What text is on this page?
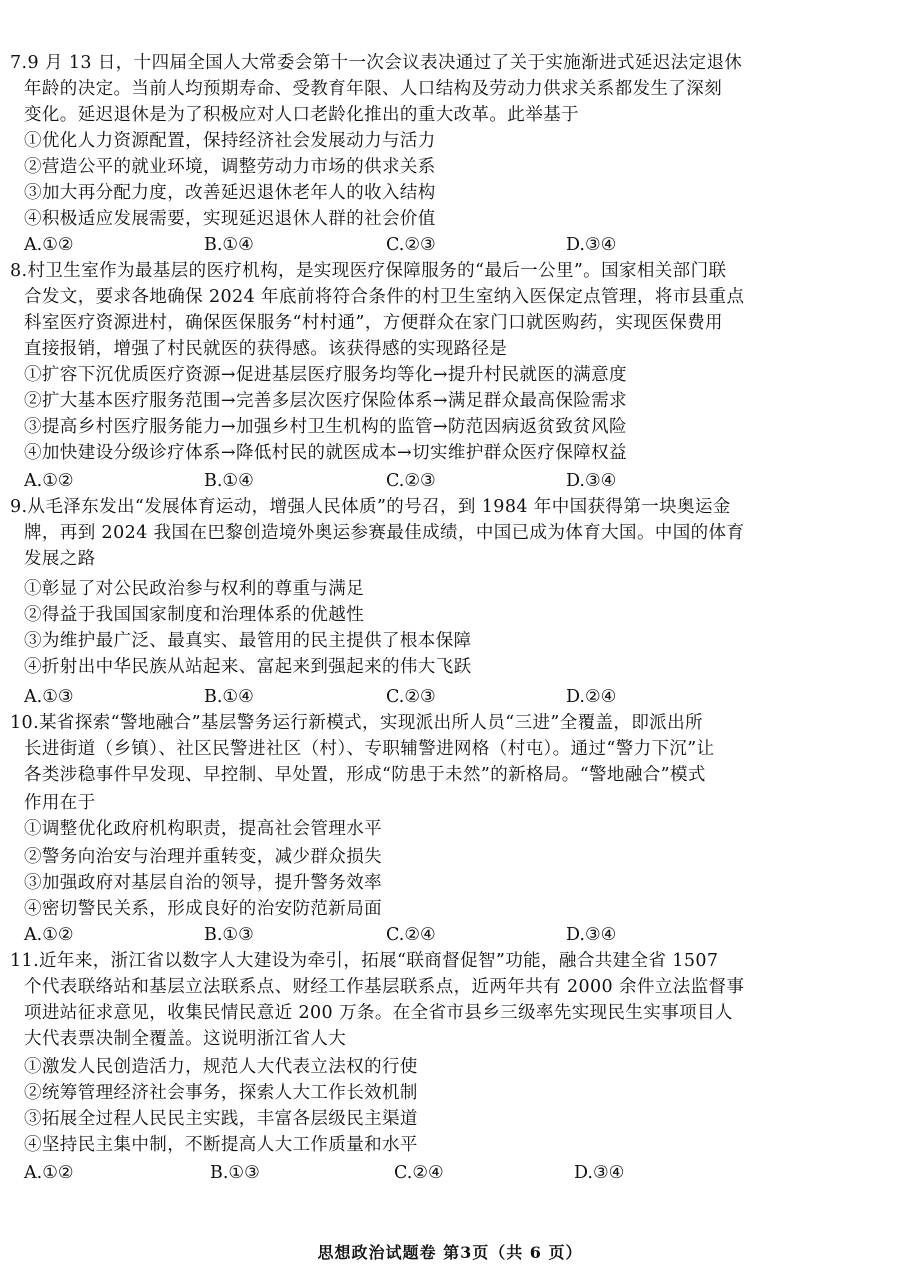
7.9 月 13 日，十四届全国人大常委会第十一次会议表决通过了关于实施渐进式延迟法定退休
年龄的决定。当前人均预期寿命、受教育年限、人口结构及劳动力供求关系都发生了深刻
变化。延迟退休是为了积极应对人口老龄化推出的重大改革。此举基于
①优化人力资源配置，保持经济社会发展动力与活力
②营造公平的就业环境，调整劳动力市场的供求关系
③加大再分配力度，改善延迟退休老年人的收入结构
④积极适应发展需要，实现延迟退休人群的社会价值
A.①②	B.①④	C.②③	D.③④
8.村卫生室作为最基层的医疗机构，是实现医疗保障服务的“最后一公里”。国家相关部门联
合发文，要求各地确保 2024 年底前将符合条件的村卫生室纳入医保定点管理，将市县重点
科室医疗资源进村，确保医保服务“村村通”，方便群众在家门口就医购药，实现医保费用
直接报销，增强了村民就医的获得感。该获得感的实现路径是
①扩容下沉优质医疗资源→促进基层医疗服务均等化→提升村民就医的满意度
②扩大基本医疗服务范围→完善多层次医疗保险体系→满足群众最高保险需求
③提高乡村医疗服务能力→加强乡村卫生机构的监管→防范因病返贫致贫风险
④加快建设分级诊疗体系→降低村民的就医成本→切实维护群众医疗保障权益
A.①②	B.①④	C.②③	D.③④
9.从毛泽东发出“发展体育运动，增强人民体质”的号召，到 1984 年中国获得第一块奥运金
牌，再到 2024 我国在巴黎创造境外奥运参赛最佳成绩，中国已成为体育大国。中国的体育
发展之路
①彰显了对公民政治参与权利的尊重与满足
②得益于我国国家制度和治理体系的优越性
③为维护最广泛、最真实、最管用的民主提供了根本保障
④折射出中华民族从站起来、富起来到强起来的伟大飞跃
A.①③	B.①④	C.②③	D.②④
10.某省探索“警地融合”基层警务运行新模式，实现派出所人员“三进”全覆盖，即派出所
长进街道（乡镇）、社区民警进社区（村）、专职辅警进网格（村屯）。通过“警力下沉”让
各类涉稳事件早发现、早控制、早处置，形成“防患于未然”的新格局。“警地融合”模式
作用在于
①调整优化政府机构职责，提高社会管理水平
②警务向治安与治理并重转变，减少群众损失
③加强政府对基层自治的领导，提升警务效率
④密切警民关系，形成良好的治安防范新局面
A.①②	B.①③	C.②④	D.③④
11.近年来，浙江省以数字人大建设为牵引，拓展“联商督促智”功能，融合共建全省 1507
个代表联络站和基层立法联系点、财经工作基层联系点，近两年共有 2000 余件立法监督事
项进站征求意见，收集民情民意近 200 万条。在全省市县乡三级率先实现民生实事项目人
大代表票决制全覆盖。这说明浙江省人大
①激发人民创造活力，规范人大代表立法权的行使
②统筹管理经济社会事务，探索人大工作长效机制
③拓展全过程人民民主实践，丰富各层级民主渠道
④坚持民主集中制，不断提高人大工作质量和水平
A.①②	B.①③	C.②④	D.③④
思想政治试题卷 第3页（共 6 页）
